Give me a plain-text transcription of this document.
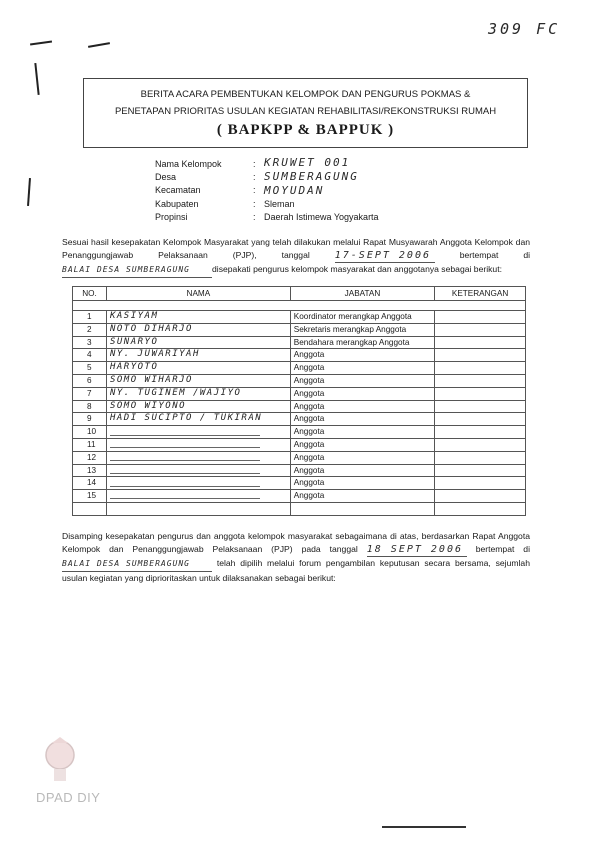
309 FC
BERITA ACARA PEMBENTUKAN KELOMPOK DAN PENGURUS POKMAS &
PENETAPAN PRIORITAS USULAN KEGIATAN REHABILITASI/REKONSTRUKSI RUMAH
( BAPKPP & BAPPUK )
Nama Kelompok	: KRUWET 001
Desa	: SUMBERAGUNG
Kecamatan	: MOYUDAN
Kabupaten	: Sleman
Propinsi	: Daerah Istimewa Yogyakarta
Sesuai hasil kesepakatan Kelompok Masyarakat yang telah dilakukan melalui Rapat Musyawarah Anggota Kelompok dan Penanggungjawab Pelaksanaan (PJP), tanggal 17-SEPT 2006	bertempat di BALAI DESA SUMBERAGUNG	disepakati pengurus kelompok masyarakat dan anggotanya sebagai berikut:
NO.	NAMA	JABATAN	KETERANGAN

1	KASIYAM	Koordinator merangkap Anggota	
2	NOTO DIHARJO	Sekretaris merangkap Anggota	
3	SUNARYO	Bendahara merangkap Anggota	
4	NY. JUWARIYAH	Anggota	
5	HARYOTO	Anggota	
6	SOMO WIHARJO	Anggota	
7	NY. TUGINEM /WAJIYO	Anggota	
8	SOMO WIYONO	Anggota	
9	HADI SUCIPTO / TUKIRAN	Anggota	
10		Anggota	
11		Anggota	
12		Anggota	
13		Anggota	
14		Anggota	
15		Anggota	

Disamping kesepakatan pengurus dan anggota kelompok masyarakat sebagaimana di atas, berdasarkan Rapat Anggota Kelompok dan Penanggungjawab Pelaksanaan (PJP) pada tanggal 18 SEPT 2006 bertempat di BALAI DESA SUMBERAGUNG	telah dipilih melalui forum pengambilan keputusan secara bersama, sejumlah usulan kegiatan yang diprioritaskan untuk dilaksanakan sebagai berikut:
DPAD DIY
